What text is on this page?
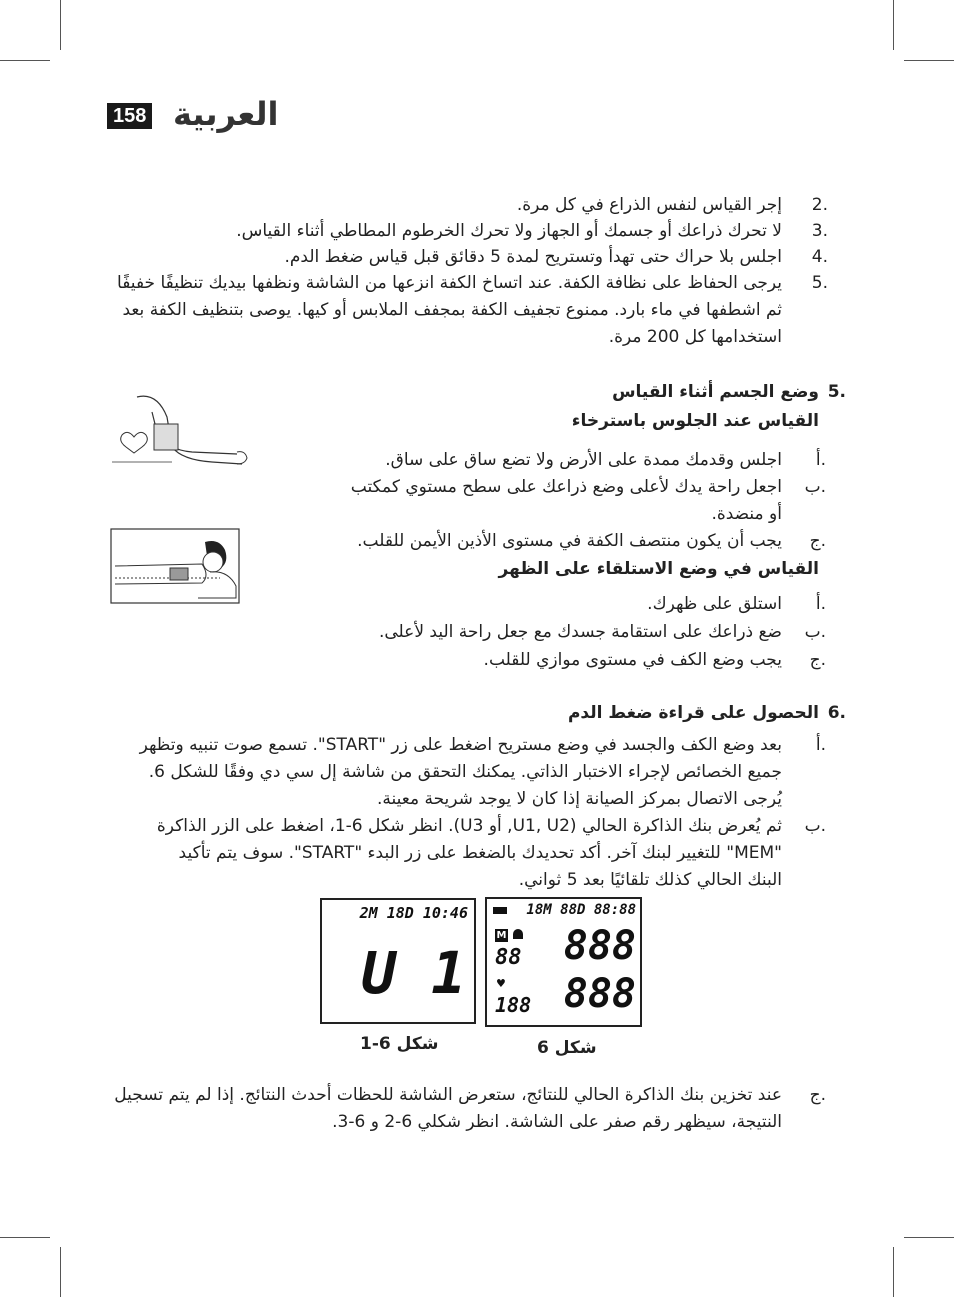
158 العربية
2.
إجر القياس لنفس الذراع في كل مرة.
3.
لا تحرك ذراعك أو جسمك أو الجهاز ولا تحرك الخرطوم المطاطي أثناء القياس.
4.
اجلس بلا حراك حتى تهدأ وتستريح لمدة 5 دقائق قبل قياس ضغط الدم.
5.
يرجى الحفاظ على نظافة الكفة. عند اتساخ الكفة انزعها من الشاشة ونظفها بيديك تنظيفًا خفيفًا
ثم اشطفها في ماء بارد. ممنوع تجفيف الكفة بمجفف الملابس أو كيها. يوصى بتنظيف الكفة بعد
استخدامها كل 200 مرة.
5.
وضع الجسم أثناء القياس
القياس عند الجلوس باسترخاء
أ.
اجلس وقدمك ممدة على الأرض ولا تضع ساق على ساق.
ب.
اجعل راحة يدك لأعلى وضع ذراعك على سطح مستوي كمكتب
أو منضدة.
ج.
يجب أن يكون منتصف الكفة في مستوى الأذين الأيمن للقلب.
القياس في وضع الاستلقاء على الظهر
أ.
استلق على ظهرك.
ب.
ضع ذراعك على استقامة جسدك مع جعل راحة اليد لأعلى.
ج.
يجب وضع الكف في مستوى موازي للقلب.
6.
الحصول على قراءة ضغط الدم
أ.
بعد وضع الكف والجسد في وضع مستريح اضغط على زر "START". تسمع صوت تنبيه وتظهر
جميع الخصائص لإجراء الاختبار الذاتي. يمكنك التحقق من شاشة إل سي دي وفقًا للشكل 6.
يُرجى الاتصال بمركز الصيانة إذا كان لا يوجد شريحة معينة.
ب.
ثم يُعرض بنك الذاكرة الحالي (U1, U2, أو U3). انظر شكل 6-1، اضغط على الزر الذاكرة
"MEM" للتغيير لبنك آخر. أكد تحديدك بالضغط على زر البدء "START". سوف يتم تأكيد
البنك الحالي كذلك تلقائيًا بعد 5 ثواني.
2M 18D 10:46
U 1
شكل 6-1
18M 88D 88:88
M
88 888
♥
188 888
شكل 6
ج.
عند تخزين بنك الذاكرة الحالي للنتائج، ستعرض الشاشة للحظات أحدث النتائج. إذا لم يتم تسجيل
النتيجة، سيظهر رقم صفر على الشاشة. انظر شكلي 6-2 و 6-3.
